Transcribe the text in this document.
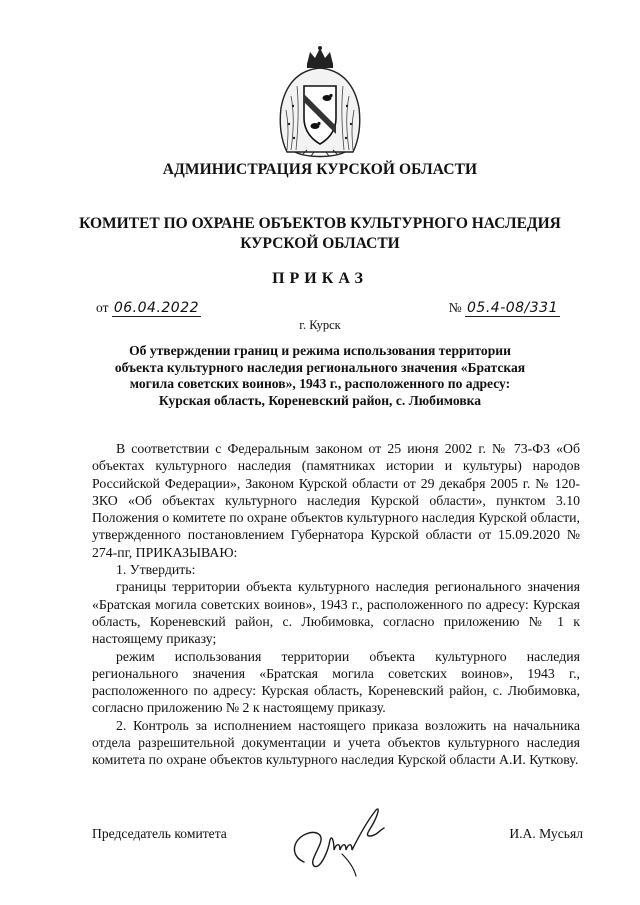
АДМИНИСТРАЦИЯ КУРСКОЙ ОБЛАСТИ
КОМИТЕТ ПО ОХРАНЕ ОБЪЕКТОВ КУЛЬТУРНОГО НАСЛЕДИЯ
КУРСКОЙ ОБЛАСТИ
ПРИКАЗ
от 06.04.2022	№ 05.4-08/331
г. Курск
Об утверждении границ и режима использования территории
объекта культурного наследия регионального значения «Братская
могила советских воинов», 1943 г., расположенного по адресу:
Курская область, Кореневский район, с. Любимовка

В соответствии с Федеральным законом от 25 июня 2002 г. № 73-ФЗ «Об объектах культурного наследия (памятниках истории и культуры) народов Российской Федерации», Законом Курской области от 29 декабря 2005 г. № 120-ЗКО «Об объектах культурного наследия Курской области», пунктом 3.10 Положения о комитете по охране объектов культурного наследия Курской области, утвержденного постановлением Губернатора Курской области от 15.09.2020 № 274-пг, ПРИКАЗЫВАЮ:

1. Утвердить:

границы территории объекта культурного наследия регионального значения «Братская могила советских воинов», 1943 г., расположенного по адресу: Курская область, Кореневский район, с. Любимовка, согласно приложению № 1 к настоящему приказу;

режим использования территории объекта культурного наследия регионального значения «Братская могила советских воинов», 1943 г., расположенного по адресу: Курская область, Кореневский район, с. Любимовка, согласно приложению № 2 к настоящему приказу.

2. Контроль за исполнением настоящего приказа возложить на начальника отдела разрешительной документации и учета объектов культурного наследия комитета по охране объектов культурного наследия Курской области А.И. Куткову.

Председатель комитета	И.А. Мусьял
